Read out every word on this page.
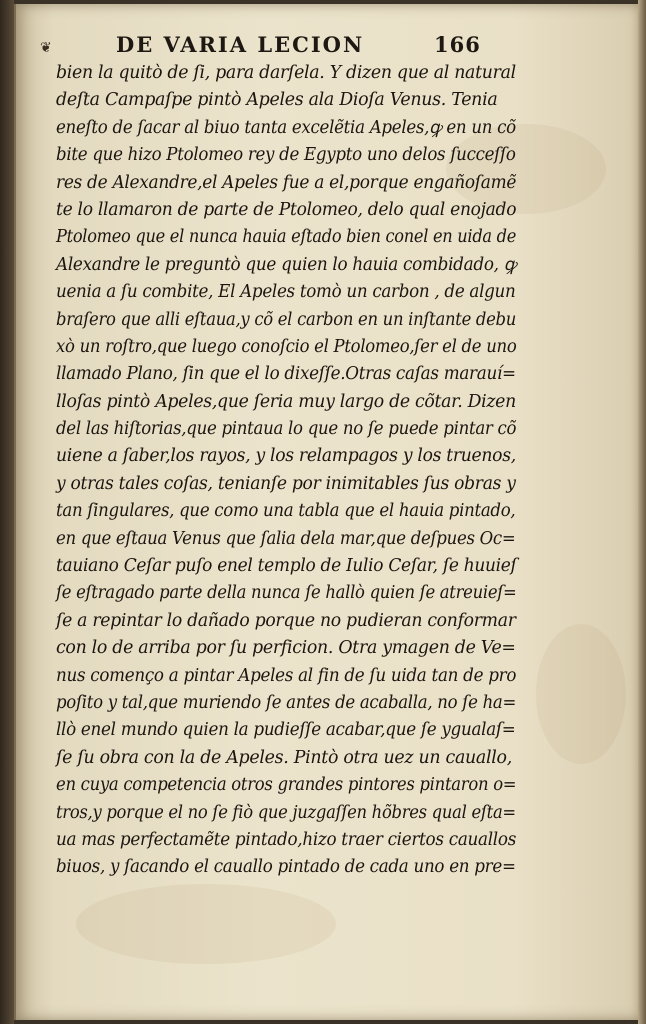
DE VARIA LECION	166
❦
bien la quitò de ſi, para darſela. Y dizen que al natural
deſta Campaſpe pintò Apeles ala Dioſa Venus. Tenia
eneſto de ſacar al biuo tanta excelẽtia Apeles,ꝙ en un cõ
bite que hizo Ptolomeo rey de Egypto uno delos ſucceſſo
res de Alexandre,el Apeles fue a el,porque engañoſamẽ
te lo llamaron de parte de Ptolomeo, delo qual enojado
Ptolomeo que el nunca hauia eſtado bien conel en uida de
Alexandre le preguntò que quien lo hauia combidado, ꝙ
uenia a ſu combite, El Apeles tomò un carbon , de algun
braſero que alli eſtaua,y cõ el carbon en un inſtante debu
xò un roſtro,que luego conoſcio el Ptolomeo,ſer el de uno
llamado Plano, ſin que el lo dixeſſe.Otras caſas marauí=
lloſas pintò Apeles,que ſeria muy largo de cõtar. Dizen
del las hiſtorias,que pintaua lo que no ſe puede pintar cõ
uiene a ſaber,los rayos, y los relampagos y los truenos,
y otras tales coſas, tenianſe por inimitables ſus obras y
tan ſingulares, que como una tabla que el hauia pintado,
en que eſtaua Venus que ſalia dela mar,que deſpues Oc=
tauiano Ceſar puſo enel templo de Iulio Ceſar, ſe huuieſ
ſe eſtragado parte della nunca ſe hallò quien ſe atreuieſ=
ſe a repintar lo dañado porque no pudieran conformar
con lo de arriba por ſu perficion. Otra ymagen de Ve=
nus començo a pintar Apeles al fin de ſu uida tan de pro
poſito y tal,que muriendo ſe antes de acaballa, no ſe ha=
llò enel mundo quien la pudieſſe acabar,que ſe ygualaſ=
ſe ſu obra con la de Apeles. Pintò otra uez un cauallo,
en cuya competencia otros grandes pintores pintaron o=
tros,y porque el no ſe fiò que juzgaſſen hõbres qual eſta=
ua mas perfectamẽte pintado,hizo traer ciertos cauallos
biuos, y ſacando el cauallo pintado de cada uno en pre=
